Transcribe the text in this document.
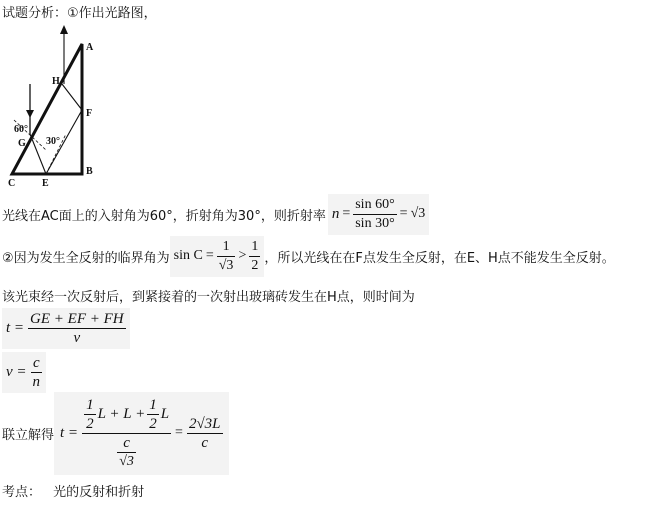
试题分析：①作出光路图，
A
B
C	E
F
G
H
60°
30°
光线在AC面上的入射角为60°，折射角为30°，则折射率 $n = \frac{\sin 60^\circ}{\sin 30^\circ} = √3$
②因为发生全反射的临界角为 $\sin C = \frac{1}{√3} > \frac{1}{2}$ ，所以光线在在F点发生全反射，在E、H点不能发生全反射。
该光束经一次反射后，到紧接着的一次射出玻璃砖发生在H点，则时间为
$t = \frac{GE + EF + FH}{v}$
$v = \frac{c}{n}$
联立解得 $t = \frac{\frac{1}{2} L + L + \frac{1}{2} L}{\frac{c}{√3}} = \frac{2√3L}{c}$
考点： 光的反射和折射
